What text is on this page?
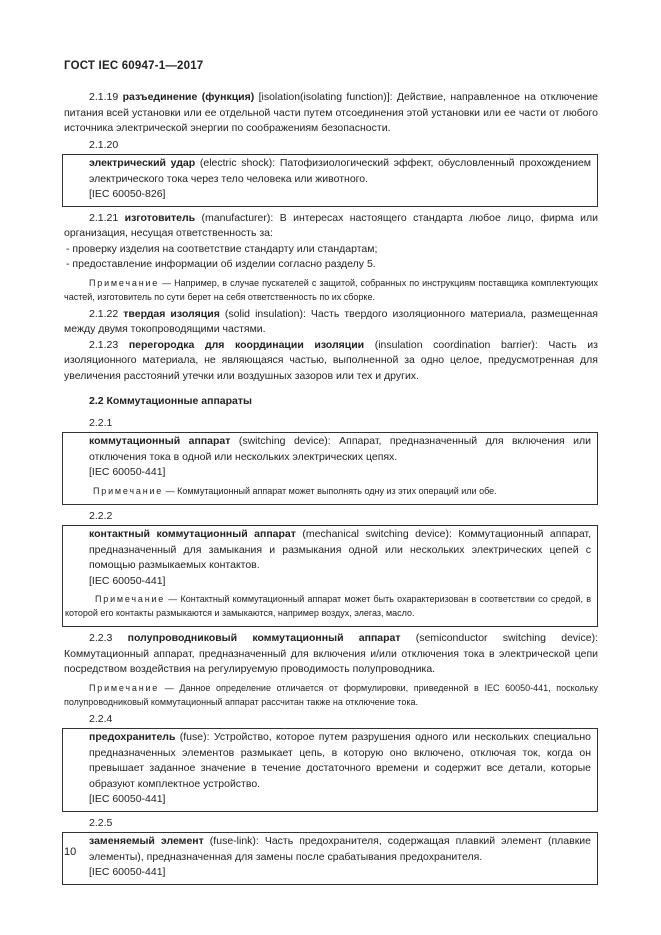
ГОСТ IEC 60947-1—2017

2.1.19 разъединение (функция) [isolation(isolating function)]: Действие, направленное на отключение питания всей установки или ее отдельной части путем отсоединения этой установки или ее части от любого источника электрической энергии по соображениям безопасности.

2.1.20

электрический удар (electric shock): Патофизиологический эффект, обусловленный прохождением электрического тока через тело человека или животного.

[IEC 60050-826]

2.1.21 изготовитель (manufacturer): В интересах настоящего стандарта любое лицо, фирма или организация, несущая ответственность за:

- проверку изделия на соответствие стандарту или стандартам;

- предоставление информации об изделии согласно разделу 5.

Примечание — Например, в случае пускателей с защитой, собранных по инструкциям поставщика комплектующих частей, изготовитель по сути берет на себя ответственность по их сборке.

2.1.22 твердая изоляция (solid insulation): Часть твердого изоляционного материала, размещенная между двумя токопроводящими частями.

2.1.23 перегородка для координации изоляции (insulation coordination barrier): Часть из изоляционного материала, не являющаяся частью, выполненной за одно целое, предусмотренная для увеличения расстояний утечки или воздушных зазоров или тех и других.

2.2 Коммутационные аппараты

2.2.1

коммутационный аппарат (switching device): Аппарат, предназначенный для включения или отключения тока в одной или нескольких электрических цепях.

[IEC 60050-441]

Примечание — Коммутационный аппарат может выполнять одну из этих операций или обе.

2.2.2

контактный коммутационный аппарат (mechanical switching device): Коммутационный аппарат, предназначенный для замыкания и размыкания одной или нескольких электрических цепей с помощью размыкаемых контактов.

[IEC 60050-441]

Примечание — Контактный коммутационный аппарат может быть охарактеризован в соответствии со средой, в которой его контакты размыкаются и замыкаются, например воздух, элегаз, масло.

2.2.3 полупроводниковый коммутационный аппарат (semiconductor switching device): Коммутационный аппарат, предназначенный для включения и/или отключения тока в электрической цепи посредством воздействия на регулируемую проводимость полупроводника.

Примечание — Данное определение отличается от формулировки, приведенной в IEC 60050-441, поскольку полупроводниковый коммутационный аппарат рассчитан также на отключение тока.

2.2.4

предохранитель (fuse): Устройство, которое путем разрушения одного или нескольких специально предназначенных элементов размыкает цепь, в которую оно включено, отключая ток, когда он превышает заданное значение в течение достаточного времени и содержит все детали, которые образуют комплектное устройство.

[IEC 60050-441]

2.2.5

заменяемый элемент (fuse-link): Часть предохранителя, содержащая плавкий элемент (плавкие элементы), предназначенная для замены после срабатывания предохранителя.

[IEC 60050-441]

10
